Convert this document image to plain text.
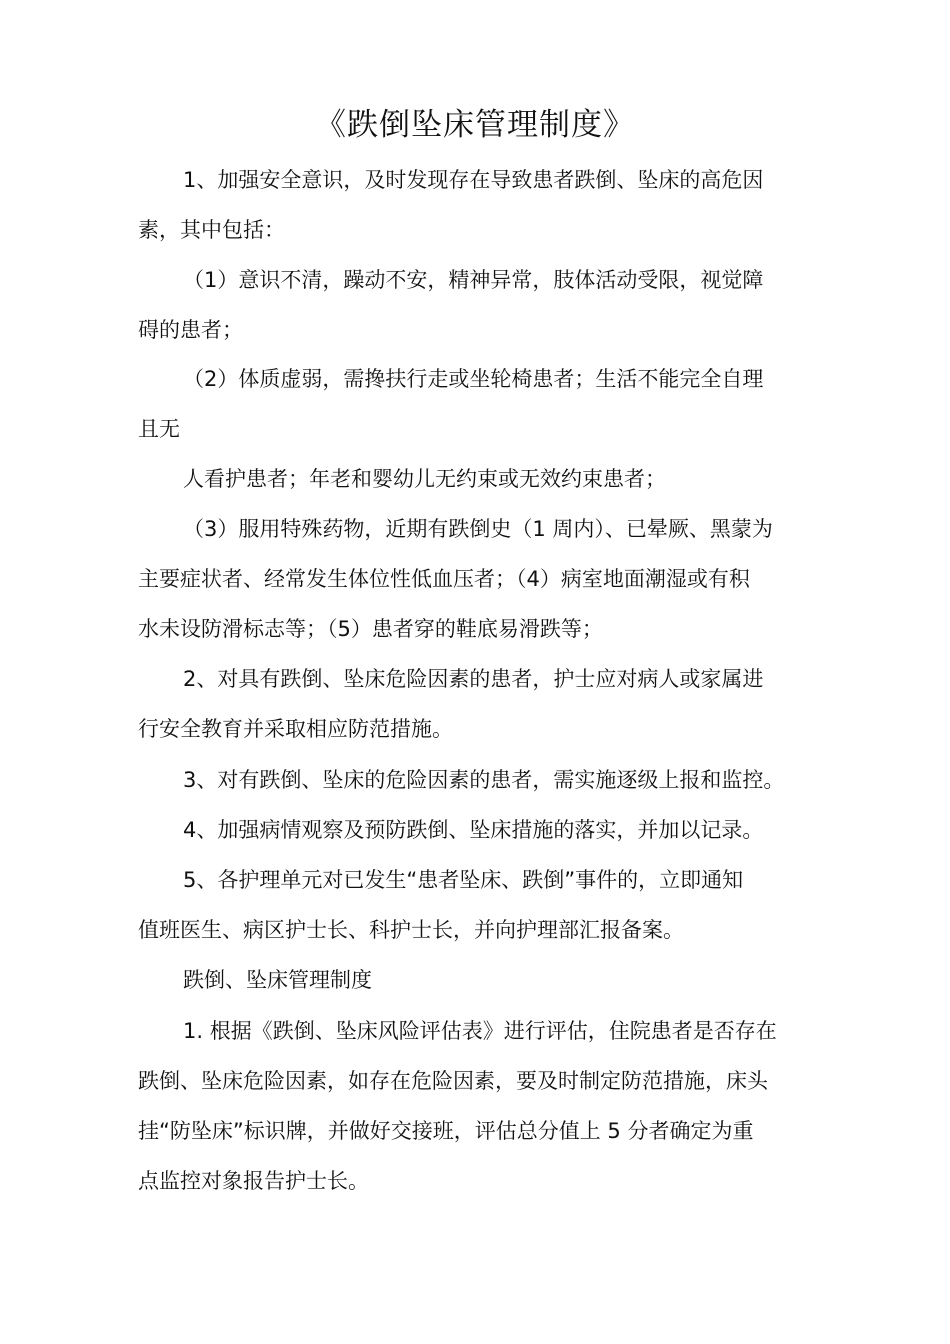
《跌倒坠床管理制度》
1、加强安全意识，及时发现存在导致患者跌倒、坠床的高危因
素，其中包括：
（1）意识不清，躁动不安，精神异常，肢体活动受限，视觉障
碍的患者；
（2）体质虚弱，需搀扶行走或坐轮椅患者；生活不能完全自理
且无
人看护患者；年老和婴幼儿无约束或无效约束患者；
（3）服用特殊药物，近期有跌倒史（1 周内）、已晕厥、黑蒙为
主要症状者、经常发生体位性低血压者；（4）病室地面潮湿或有积
水未设防滑标志等；（5）患者穿的鞋底易滑跌等；
2、对具有跌倒、坠床危险因素的患者，护士应对病人或家属进
行安全教育并采取相应防范措施。
3、对有跌倒、坠床的危险因素的患者，需实施逐级上报和监控。
4、加强病情观察及预防跌倒、坠床措施的落实，并加以记录。
5、各护理单元对已发生“患者坠床、跌倒”事件的，立即通知
值班医生、病区护士长、科护士长，并向护理部汇报备案。
跌倒、坠床管理制度
1. 根据《跌倒、坠床风险评估表》进行评估，住院患者是否存在
跌倒、坠床危险因素，如存在危险因素，要及时制定防范措施，床头
挂“防坠床”标识牌，并做好交接班，评估总分值上 5 分者确定为重
点监控对象报告护士长。
